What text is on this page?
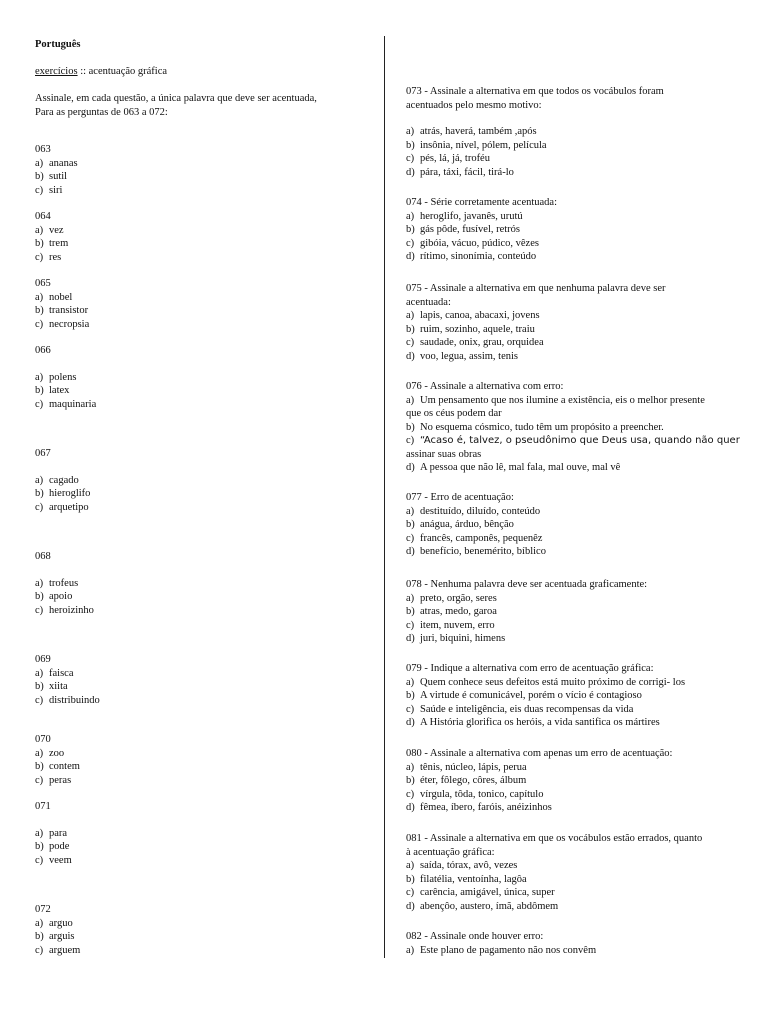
Português
exercícios :: acentuação gráfica
Assinale, em cada questão, a única palavra que deve ser acentuada,
Para as perguntas de 063 a 072:
063
a) ananas
b) sutil
c) siri
064
a) vez
b) trem
c) res
065
a) nobel
b) transistor
c) necropsia
066
a) polens
b) latex
c) maquinaria
067
a) cagado
b) hieroglifo
c) arquetipo
068
a) trofeus
b) apoio
c) heroizinho
069
a) faisca
b) xiita
c) distribuindo
070
a) zoo
b) contem
c) peras
071
a) para
b) pode
c) veem
072
a) arguo
b) arguis
c) arguem
073 - Assinale a alternativa em que todos os vocábulos foram
acentuados pelo mesmo motivo:
a) atrás, haverá, também ,após
b) insônia, nível, pólem, película
c) pés, lá, já, troféu
d) pára, táxi, fácil, tirá-lo
074 - Série corretamente acentuada:
a) heroglifo, javanês, urutú
b) gás pôde, fusível, retrós
c) gibóia, vácuo, púdico, vêzes
d) rítimo, sinonímia, conteúdo
075 - Assinale a alternativa em que nenhuma palavra deve ser
acentuada:
a) lapis, canoa, abacaxi, jovens
b) ruim, sozinho, aquele, traiu
c) saudade, onix, grau, orquidea
d) voo, legua, assim, tenis
076 - Assinale a alternativa com erro:
a) Um pensamento que nos ilumine a existência, eis o melhor presente
que os céus podem dar
b) No esquema cósmico, tudo têm um propósito a preencher.
c) “Acaso é, talvez, o pseudônimo que Deus usa, quando não quer
assinar suas obras
d) A pessoa que não lê, mal fala, mal ouve, mal vê
077 - Erro de acentuação:
a) destituído, diluído, conteúdo
b) anágua, árduo, bênção
c) francês, camponês, pequenêz
d) benefício, benemérito, bíblico
078 - Nenhuma palavra deve ser acentuada graficamente:
a) preto, orgão, seres
b) atras, medo, garoa
c) item, nuvem, erro
d) juri, biquini, himens
079 - Indique a alternativa com erro de acentuação gráfica:
a) Quem conhece seus defeitos está muito próximo de corrigi- los
b) A virtude é comunicável, porém o vício é contagioso
c) Saúde e inteligência, eis duas recompensas da vida
d) A História glorifica os heróis, a vida santifica os mártires
080 - Assinale a alternativa com apenas um erro de acentuação:
a) tênis, núcleo, lápis, perua
b) éter, fôlego, côres, álbum
c) vírgula, tôda, tonico, capítulo
d) fêmea, íbero, faróis, anéizinhos
081 - Assinale a alternativa em que os vocábulos estão errados, quanto
à acentuação gráfica:
a) saída, tórax, avô, vezes
b) filatélia, ventoínha, lagôa
c) carência, amigável, única, super
d) abençôo, austero, ímã, abdômem
082 - Assinale onde houver erro:
a) Este plano de pagamento não nos convêm
